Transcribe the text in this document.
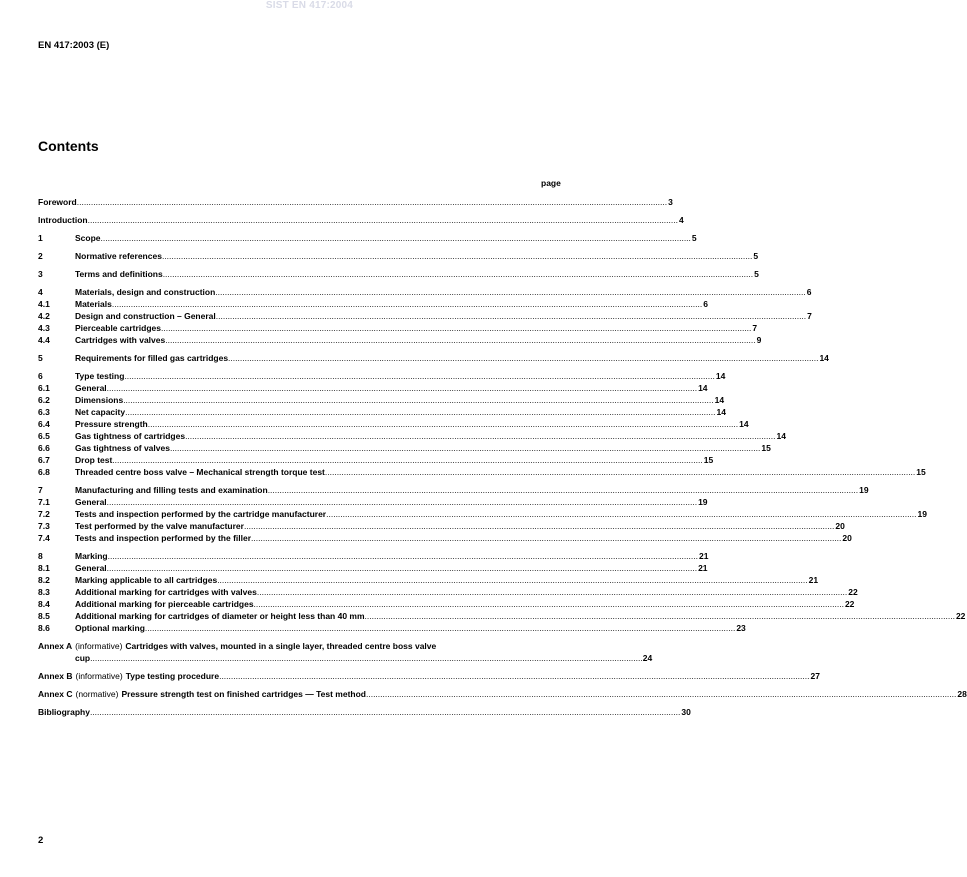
SIST EN 417:2004
EN 417:2003 (E)
Contents
page
Foreword .....	3
Introduction .....	4
1	Scope .....	5
2	Normative references .....	5
3	Terms and definitions .....	5
4	Materials, design and construction .....	6
4.1	Materials .....	6
4.2	Design and construction – General .....	7
4.3	Pierceable cartridges .....	7
4.4	Cartridges with valves .....	9
5	Requirements for filled gas cartridges .....	14
6	Type testing .....	14
6.1	General .....	14
6.2	Dimensions .....	14
6.3	Net capacity .....	14
6.4	Pressure strength .....	14
6.5	Gas tightness of cartridges .....	14
6.6	Gas tightness of valves .....	15
6.7	Drop test .....	15
6.8	Threaded centre boss valve – Mechanical strength torque test .....	15
7	Manufacturing and filling tests and examination .....	19
7.1	General .....	19
7.2	Tests and inspection performed by the cartridge manufacturer .....	19
7.3	Test performed by the valve manufacturer .....	20
7.4	Tests and inspection performed by the filler .....	20
8	Marking .....	21
8.1	General .....	21
8.2	Marking applicable to all cartridges .....	21
8.3	Additional marking for cartridges with valves .....	22
8.4	Additional marking for pierceable cartridges .....	22
8.5	Additional marking for cartridges of diameter or height less than 40 mm .....	22
8.6	Optional marking .....	23
Annex A (informative) Cartridges with valves, mounted in a single layer, threaded centre boss valve
cup .......................................................................................................................................................................................................................................... 24
Annex B (informative) Type testing procedure .....	27
Annex C (normative) Pressure strength test on finished cartridges — Test method .....	28
Bibliography .....	30
2
